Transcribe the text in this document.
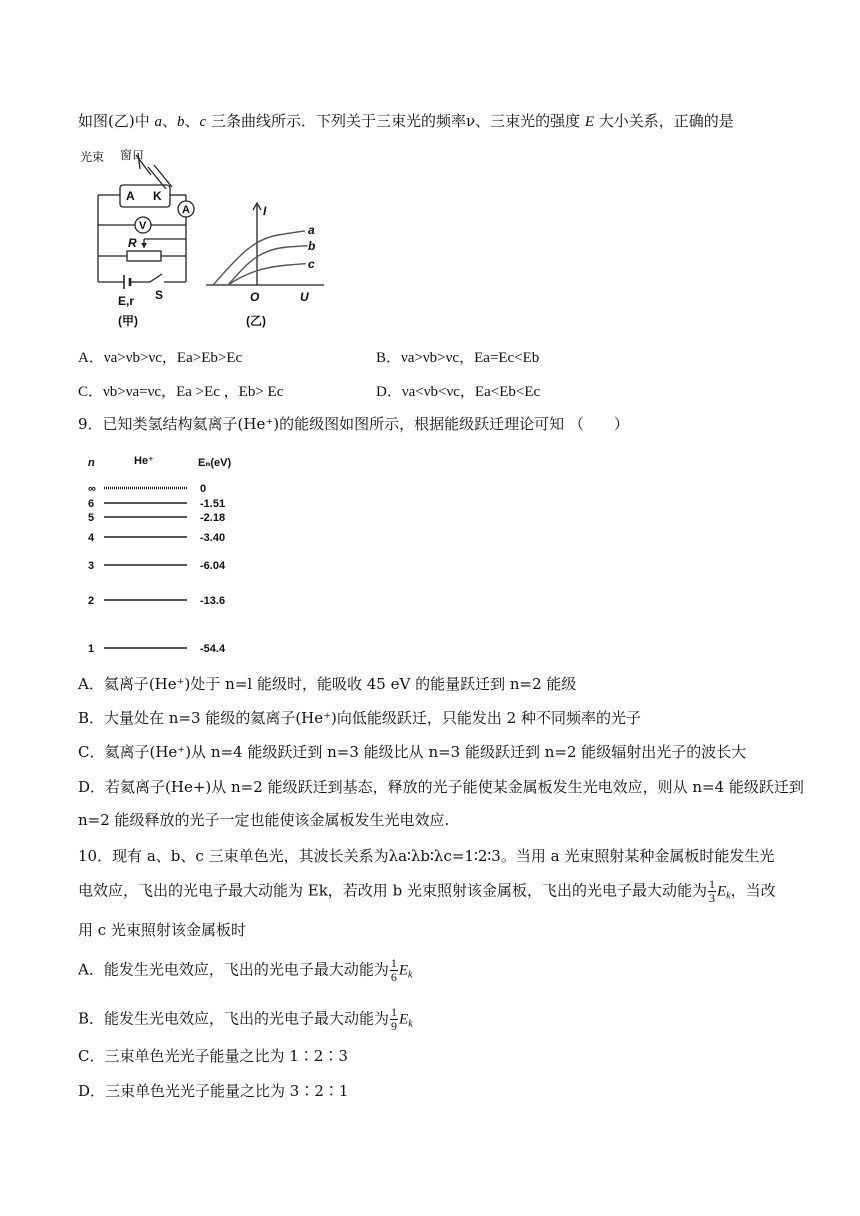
如图(乙)中 a、b、c 三条曲线所示．下列关于三束光的频率ν、三束光的强度 E 大小关系，正确的是
光束 窗口
A K
V
A
R
E,r S
(甲)
I
O	U
a
b
c
(乙)
A．νa>νb>νc，Ea>Eb>Ec	B．νa>νb>νc，Ea=Ec<Eb
C．νb>νa=νc，Ea >Ec ，Eb> Ec	D．νa<νb<νc，Ea<Eb<Ec
9．已知类氢结构氦离子(He⁺)的能级图如图所示，根据能级跃迁理论可知 （　　）
n	He⁺	Eₙ(eV)
∞	0
6	-1.51
5	-2.18
4	-3.40
3	-6.04
2	-13.6
1	-54.4
A．氦离子(He⁺)处于 n=l 能级时，能吸收 45 eV 的能量跃迁到 n=2 能级
B．大量处在 n=3 能级的氦离子(He⁺)向低能级跃迁，只能发出 2 种不同频率的光子
C．氦离子(He⁺)从 n=4 能级跃迁到 n=3 能级比从 n=3 能级跃迁到 n=2 能级辐射出光子的波长大
D．若氦离子(He+)从 n=2 能级跃迁到基态，释放的光子能使某金属板发生光电效应，则从 n=4 能级跃迁到
n=2 能级释放的光子一定也能使该金属板发生光电效应.
10．现有 a、b、c 三束单色光，其波长关系为λa∶λb∶λc=1∶2∶3。当用 a 光束照射某种金属板时能发生光
电效应，飞出的光电子最大动能为 Ek，若改用 b 光束照射该金属板，飞出的光电子最大动能为 $\frac{1}{3} E_k$，当改
用 c 光束照射该金属板时
A．能发生光电效应，飞出的光电子最大动能为 $\frac{1}{6} E_k$
B．能发生光电效应，飞出的光电子最大动能为 $\frac{1}{9} E_k$
C．三束单色光光子能量之比为 1∶2∶3
D．三束单色光光子能量之比为 3∶2∶1
